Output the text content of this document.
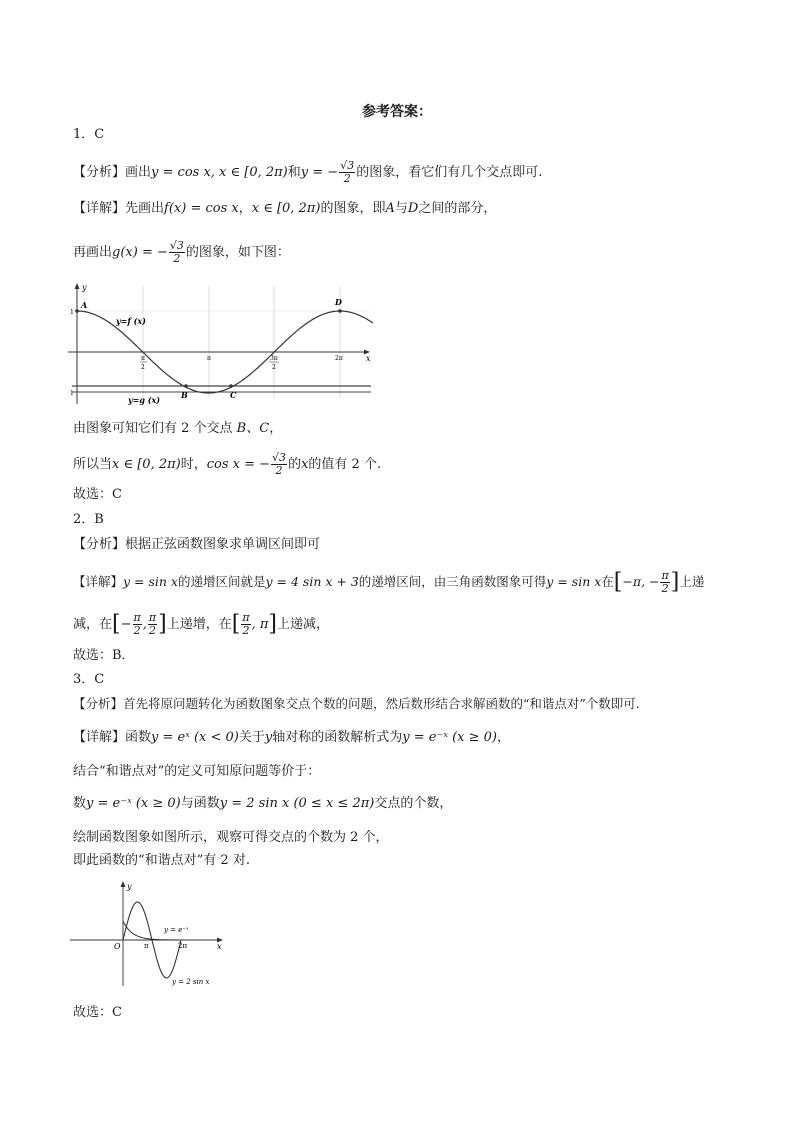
参考答案：
1．C
【分析】画出y = cos x, x ∈ [0, 2π)和y = − $\frac{√3}{2}$ 的图象，看它们有几个交点即可.
【详解】先画出f(x) = cos x，x ∈ [0, 2π)的图象，即A与D之间的部分，
再画出g(x) = − $\frac{√3}{2}$ 的图象，如下图：
y
x
A	D
B	C
y=f (x)
y=g (x)
1
1
π
2
π	3π
2
2π
由图象可知它们有 2 个交点 B、C，
所以当x ∈ [0, 2π)时，cos x = − $\frac{√3}{2}$ 的x的值有 2 个.
故选：C
2．B
【分析】根据正弦函数图象求单调区间即可
【详解】y = sin x的递增区间就是y = 4 sin x + 3的递增区间，由三角函数图象可得y = sin x在[−π, − $\frac{\pi}{2}$ ]上递
减，在[− $\frac{\pi}{2}$ , $\frac{\pi}{2}$ ]上递增，在[ $\frac{\pi}{2}$ , π]上递减，
故选：B．
3．C
【分析】首先将原问题转化为函数图象交点个数的问题，然后数形结合求解函数的“和谐点对”个数即可.
【详解】函数y = eˣ (x < 0)关于y轴对称的函数解析式为y = e⁻ˣ (x ≥ 0)，
结合“和谐点对”的定义可知原问题等价于：
数y = e⁻ˣ (x ≥ 0)与函数y = 2 sin x (0 ≤ x ≤ 2π)交点的个数，
绘制函数图象如图所示，观察可得交点的个数为 2 个，
即此函数的“和谐点对”有 2 对.
y
x
O	π	2π
y = e⁻ˣ
y = 2 sin x
故选：C
